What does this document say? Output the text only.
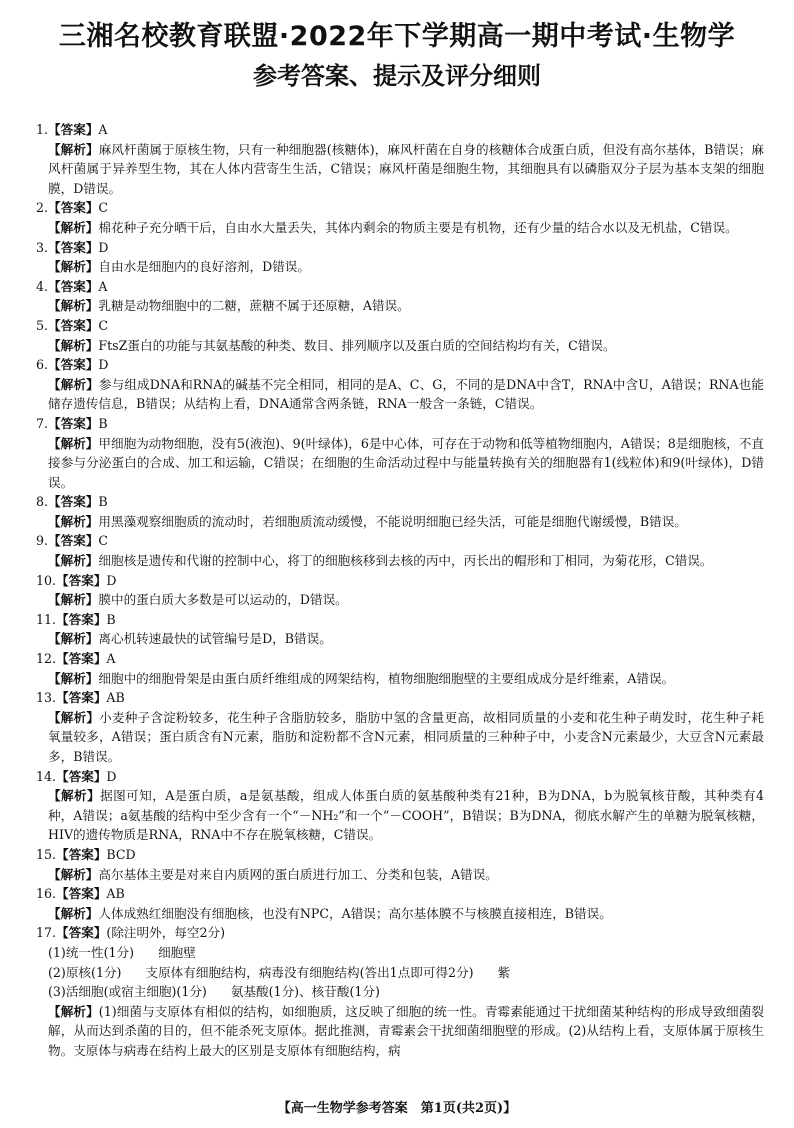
三湘名校教育联盟·2022年下学期高一期中考试·生物学
参考答案、提示及评分细则
1.【答案】A
【解析】麻风杆菌属于原核生物，只有一种细胞器(核糖体)，麻风杆菌在自身的核糖体合成蛋白质，但没有高尔基体，B错误；麻风杆菌属于异养型生物，其在人体内营寄生生活，C错误；麻风杆菌是细胞生物，其细胞具有以磷脂双分子层为基本支架的细胞膜，D错误。
2.【答案】C
【解析】棉花种子充分晒干后，自由水大量丢失，其体内剩余的物质主要是有机物，还有少量的结合水以及无机盐，C错误。
3.【答案】D
【解析】自由水是细胞内的良好溶剂，D错误。
4.【答案】A
【解析】乳糖是动物细胞中的二糖，蔗糖不属于还原糖，A错误。
5.【答案】C
【解析】FtsZ蛋白的功能与其氨基酸的种类、数目、排列顺序以及蛋白质的空间结构均有关，C错误。
6.【答案】D
【解析】参与组成DNA和RNA的碱基不完全相同，相同的是A、C、G，不同的是DNA中含T，RNA中含U，A错误；RNA也能储存遗传信息，B错误；从结构上看，DNA通常含两条链，RNA一般含一条链，C错误。
7.【答案】B
【解析】甲细胞为动物细胞，没有5(液泡)、9(叶绿体)，6是中心体，可存在于动物和低等植物细胞内，A错误；8是细胞核，不直接参与分泌蛋白的合成、加工和运输，C错误；在细胞的生命活动过程中与能量转换有关的细胞器有1(线粒体)和9(叶绿体)，D错误。
8.【答案】B
【解析】用黑藻观察细胞质的流动时，若细胞质流动缓慢，不能说明细胞已经失活，可能是细胞代谢缓慢，B错误。
9.【答案】C
【解析】细胞核是遗传和代谢的控制中心，将丁的细胞核移到去核的丙中，丙长出的帽形和丁相同，为菊花形，C错误。
10.【答案】D
【解析】膜中的蛋白质大多数是可以运动的，D错误。
11.【答案】B
【解析】离心机转速最快的试管编号是D，B错误。
12.【答案】A
【解析】细胞中的细胞骨架是由蛋白质纤维组成的网架结构，植物细胞细胞壁的主要组成成分是纤维素，A错误。
13.【答案】AB
【解析】小麦种子含淀粉较多，花生种子含脂肪较多，脂肪中氢的含量更高，故相同质量的小麦和花生种子萌发时，花生种子耗氧量较多，A错误；蛋白质含有N元素，脂肪和淀粉都不含N元素，相同质量的三种种子中，小麦含N元素最少，大豆含N元素最多，B错误。
14.【答案】D
【解析】据图可知，A是蛋白质，a是氨基酸，组成人体蛋白质的氨基酸种类有21种，B为DNA，b为脱氧核苷酸，其种类有4种，A错误；a氨基酸的结构中至少含有一个“－NH₂”和一个“－COOH”，B错误；B为DNA，彻底水解产生的单糖为脱氧核糖，HIV的遗传物质是RNA，RNA中不存在脱氧核糖，C错误。
15.【答案】BCD
【解析】高尔基体主要是对来自内质网的蛋白质进行加工、分类和包装，A错误。
16.【答案】AB
【解析】人体成熟红细胞没有细胞核，也没有NPC，A错误；高尔基体膜不与核膜直接相连，B错误。
17.【答案】(除注明外，每空2分)
(1)统一性(1分) 细胞壁
(2)原核(1分) 支原体有细胞结构，病毒没有细胞结构(答出1点即可得2分) 紫
(3)活细胞(或宿主细胞)(1分) 氨基酸(1分)、核苷酸(1分)
【解析】(1)细菌与支原体有相似的结构，如细胞质，这反映了细胞的统一性。青霉素能通过干扰细菌某种结构的形成导致细菌裂解，从而达到杀菌的目的，但不能杀死支原体。据此推测，青霉素会干扰细菌细胞壁的形成。(2)从结构上看，支原体属于原核生物。支原体与病毒在结构上最大的区别是支原体有细胞结构，病
【高一生物学参考答案　第1页(共2页)】
